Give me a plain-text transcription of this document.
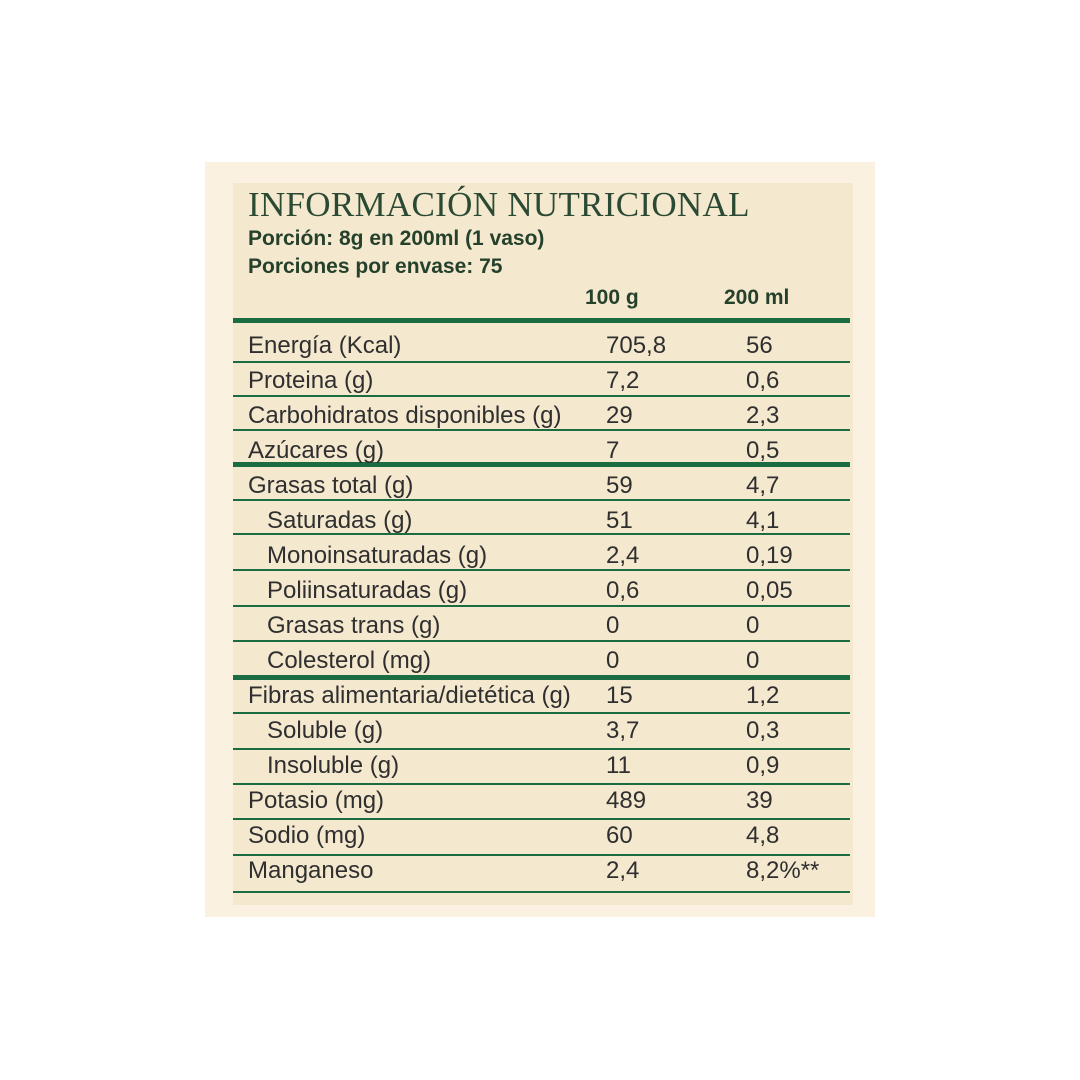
INFORMACIÓN NUTRICIONAL
Porción: 8g en 200ml (1 vaso)
Porciones por envase: 75
100 g	200 ml
Energía (Kcal)	705,8	56
Proteina (g)	7,2	0,6
Carbohidratos disponibles (g) 29	2,3
Azúcares (g)	7	0,5
Grasas total (g)	59	4,7
Saturadas (g)	51	4,1
Monoinsaturadas (g)	2,4	0,19
Poliinsaturadas (g)	0,6	0,05
Grasas trans (g)	0	0
Colesterol (mg)	0	0
Fibras alimentaria/dietética (g) 15	1,2
Soluble (g)	3,7	0,3
Insoluble (g)	11	0,9
Potasio (mg)	489	39
Sodio (mg)	60	4,8
Manganeso	2,4	8,2%**
